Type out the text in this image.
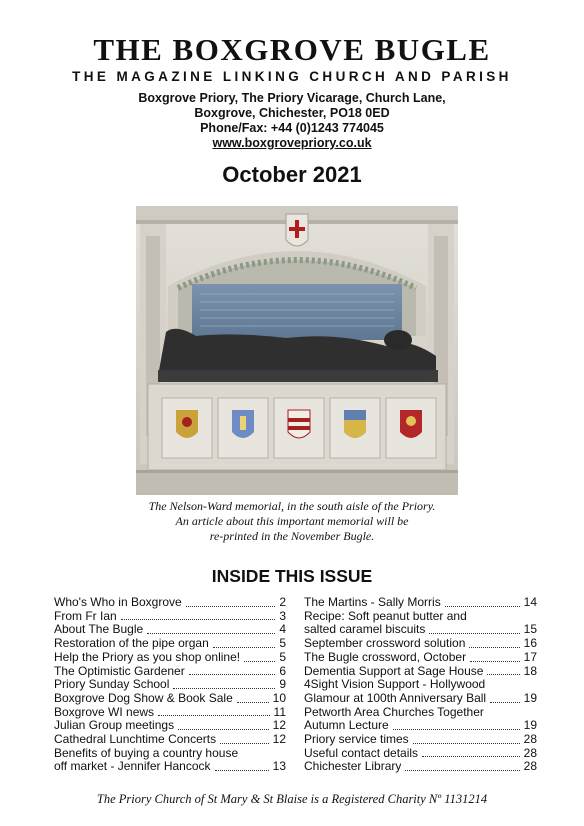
THE BOXGROVE BUGLE
THE MAGAZINE LINKING CHURCH AND PARISH
Boxgrove Priory, The Priory Vicarage, Church Lane,
Boxgrove, Chichester, PO18 0ED
Phone/Fax: +44 (0)1243 774045
www.boxgrovepriory.co.uk
October 2021
The Nelson-Ward memorial, in the south aisle of the Priory.
An article about this important memorial will be
re-printed in the November Bugle.
INSIDE THIS ISSUE
Who's Who in Boxgrove	2
From Fr Ian	3
About The Bugle	4
Restoration of the pipe organ	5
Help the Priory as you shop online!	5
The Optimistic Gardener	6
Priory Sunday School	9
Boxgrove Dog Show & Book Sale	10
Boxgrove WI news	11
Julian Group meetings	12
Cathedral Lunchtime Concerts	12
Benefits of buying a country house
off market - Jennifer Hancock	13
The Martins - Sally Morris	14
Recipe: Soft peanut butter and
salted caramel biscuits	15
September crossword solution	16
The Bugle crossword, October	17
Dementia Support at Sage House	18
4Sight Vision Support - Hollywood
Glamour at 100th Anniversary Ball	19
Petworth Area Churches Together
Autumn Lecture	19
Priory service times	28
Useful contact details	28
Chichester Library	28
The Priory Church of St Mary & St Blaise is a Registered Charity Nº 1131214
